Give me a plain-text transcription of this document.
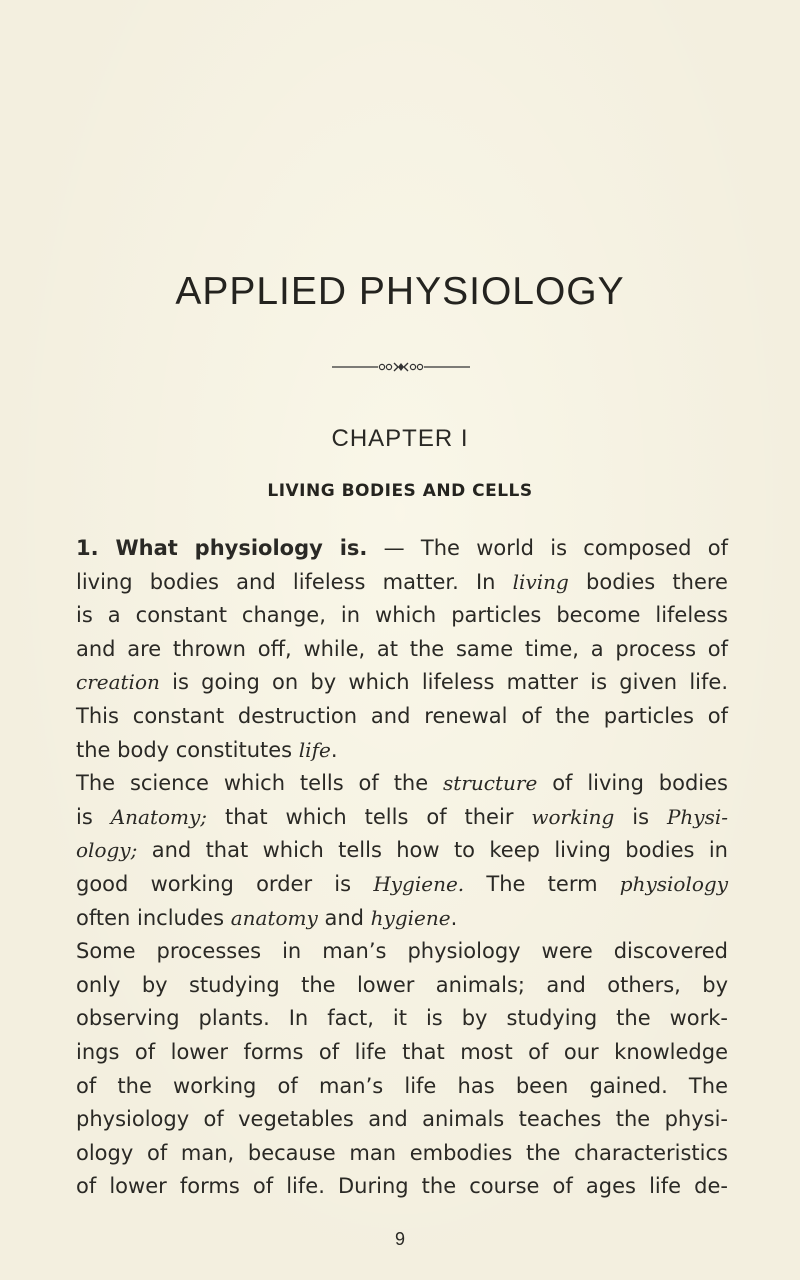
APPLIED PHYSIOLOGY
CHAPTER I
LIVING BODIES AND CELLS
1. What physiology is. — The world is composed of
living bodies and lifeless matter. In living bodies there
is a constant change, in which particles become lifeless
and are thrown off, while, at the same time, a process of
creation is going on by which lifeless matter is given life.
This constant destruction and renewal of the particles of
the body constitutes life.
The science which tells of the structure of living bodies
is Anatomy; that which tells of their working is Physi-
ology; and that which tells how to keep living bodies in
good working order is Hygiene. The term physiology
often includes anatomy and hygiene.
Some processes in man’s physiology were discovered
only by studying the lower animals; and others, by
observing plants. In fact, it is by studying the work-
ings of lower forms of life that most of our knowledge
of the working of man’s life has been gained. The
physiology of vegetables and animals teaches the physi-
ology of man, because man embodies the characteristics
of lower forms of life. During the course of ages life de-
9
